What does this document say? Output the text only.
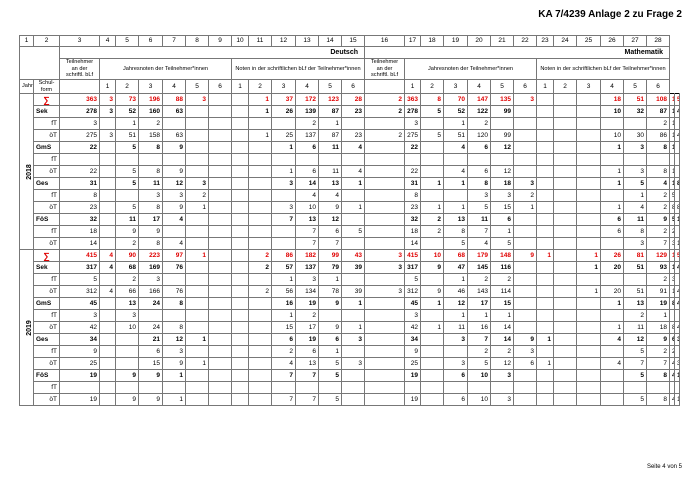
KA 7/4239 Anlage 2 zu Frage 2
1	2	3	4	5	6	7	8	9	10	11	12	13	14	15	16	17	18	19	20	21	22	23	24	25	26	27	28		
		Deutsch													Mathematik														
		Teilnehmer an der schriftl. bLf	Jahresnoten der Teilnehmer*innen						Noten in der schriftlichen bLf der Teilnehmer*innen						Teilnehmer an der schriftl. bLf	Jahresnoten der Teilnehmer*innen						Noten in der schriftlichen bLf der Teilnehmer*innen							

Jahr	Schul-form		1	2	3	4	5	6	1	2	3	4	5	6		1	2	3	4	5	6	1	2	3	4	5	6		
2018	∑	363	3	73	196	88	3			1	37	172	123	28	2	363	8	70	147	135	3				18	51	108		
	Sek	278	3	52	160	63				1	26	139	87	23	2	278	5	52	122	99					10	32	87		
	fT	3		1	2							2	1			3		1	2								2		
	öT	275	3	51	158	63				1	25	137	87	23	2	275	5	51	120	99					10	30	86		
	GmS	22		5	8	9					1	6	11	4		22		4	6	12					1	3	8		
	fT																												
	öT	22		5	8	9					1	6	11	4		22		4	6	12					1	3	8		
	Ges	31		5	11	12	3				3	14	13	1		31	1	1	8	18	3				1	5	4		
	fT	8			3	3	2					4	4			8			3	3	2					1	2		
	öT	23		5	8	9	1				3	10	9	1		23	1	1	5	15	1				1	4	2		
	FöS	32		11	17	4					7	13	12			32	2	13	11	6					6	11	9		
	fT	18		9	9							7	6	5		18	2	8	7	1					6	8	2		
	öT	14		2	8	4						7	7			14		5	4	5						3	7		
2019	∑	415	4	90	223	97	1			2	86	182	99	43	3	415	10	68	179	148	9	1		1	26	81	129		
	Sek	317	4	68	169	76				2	57	137	79	39	3	317	9	47	145	116				1	20	51	93		
	fT	5		2	3						1	3	1			5		1	2	2							2		
	öT	312	4	66	166	76				2	56	134	78	39	3	312	9	46	143	114				1	20	51	91		
	GmS	45		13	24	8					16	19	9	1		45	1	12	17	15					1	13	19		
	fT	3		3							1	2				3		1	1	1						2	1		
	öT	42		10	24	8					15	17	9	1		42	1	11	16	14					1	11	18		
	Ges	34			21	12	1				6	19	6	3		34		3	7	14	9	1			4	12	9		
	fT	9			6	3					2	6	1			9			2	2	3					5	2		
	öT	25			15	9	1				4	13	5	3		25		3	5	12	6	1			4	7	7		
	FöS	19		9	9	1					7	7	5			19		6	10	3						5	8		
	fT																												
	öT	19		9	9	1					7	7	5			19		6	10	3						5	8		
Seite 4 von 5
